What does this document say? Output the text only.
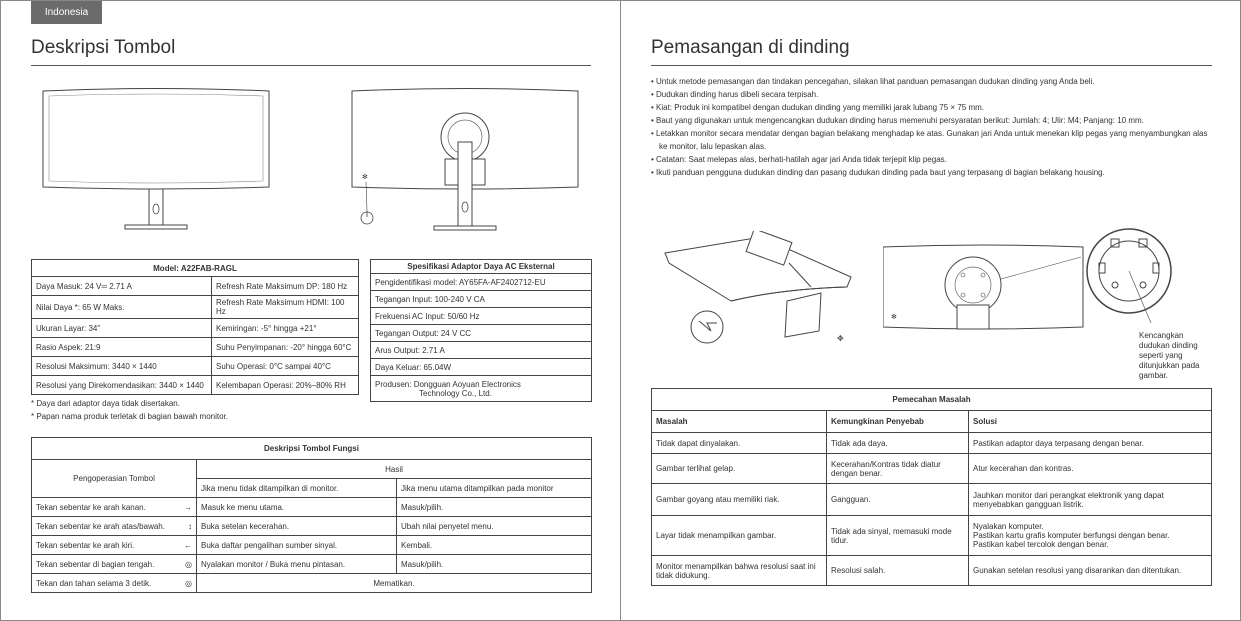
Indonesia
Deskripsi Tombol
✻
Model: A22FAB-RAGL	
Daya Masuk: 24 V═ 2.71 A	Refresh Rate Maksimum DP: 180 Hz
Nilai Daya *: 65 W Maks.	Refresh Rate Maksimum HDMI: 100 Hz
Ukuran Layar: 34"	Kemiringan: -5° hingga +21°
Rasio Aspek: 21:9	Suhu Penyimpanan: -20° hingga 60°C
Resolusi Maksimum: 3440 × 1440	Suhu Operasi: 0°C sampai 40°C
Resolusi yang Direkomendasikan: 3440 × 1440	Kelembapan Operasi: 20%–80% RH
Spesifikasi Adaptor Daya AC Eksternal
Pengidentifikasi model: AY65FA-AF2402712-EU
Tegangan Input: 100-240 V CA
Frekuensi AC Input: 50/60 Hz
Tegangan Output: 24 V CC
Arus Output: 2.71 A
Daya Keluar: 65.04W

Produsen: Dongguan Aoyuan Electronics
Technology Co., Ltd.
* Daya dari adaptor daya tidak disertakan.
* Papan nama produk terletak di bagian bawah monitor.
Deskripsi Tombol Fungsi		
Pengoperasian Tombol	Hasil	
	Jika menu tidak ditampilkan di monitor.	Jika menu utama ditampilkan pada monitor
Tekan sebentar ke arah kanan. →	Masuk ke menu utama.	Masuk/pilih.
Tekan sebentar ke arah atas/bawah. ↕	Buka setelan kecerahan.	Ubah nilai penyetel menu.
Tekan sebentar ke arah kiri. ←	Buka daftar pengalihan sumber sinyal.	Kembali.
Tekan sebentar di bagian tengah. ◎	Nyalakan monitor / Buka menu pintasan.	Masuk/pilih.
Tekan dan tahan selama 3 detik. ◎	Mematikan.	
Pemasangan di dinding
• Untuk metode pemasangan dan tindakan pencegahan, silakan lihat panduan pemasangan dudukan dinding yang Anda beli.
• Dudukan dinding harus dibeli secara terpisah.
• Kiat: Produk ini kompatibel dengan dudukan dinding yang memiliki jarak lubang 75 × 75 mm.
• Baut yang digunakan untuk mengencangkan dudukan dinding harus memenuhi persyaratan berikut: Jumlah: 4; Ulir: M4; Panjang: 10 mm.
• Letakkan monitor secara mendatar dengan bagian belakang menghadap ke atas. Gunakan jari Anda untuk menekan klip pegas yang menyambungkan alas ke monitor, lalu lepaskan alas.
• Catatan: Saat melepas alas, berhati-hatilah agar jari Anda tidak terjepit klip pegas.
• Ikuti panduan pengguna dudukan dinding dan pasang dudukan dinding pada baut yang terpasang di bagian belakang housing.
✥
✻
Kencangkan dudukan dinding seperti yang ditunjukkan pada gambar.
Pemecahan Masalah		
Masalah	Kemungkinan Penyebab	Solusi
Tidak dapat dinyalakan.	Tidak ada daya.	Pastikan adaptor daya terpasang dengan benar.
Gambar terlihat gelap.	Kecerahan/Kontras tidak diatur dengan benar.	Atur kecerahan dan kontras.
Gambar goyang atau memiliki riak.	Gangguan.	Jauhkan monitor dari perangkat elektronik yang dapat menyebabkan gangguan listrik.
Layar tidak menampilkan gambar.	Tidak ada sinyal, memasuki mode tidur.	Nyalakan komputer.
Pastikan kartu grafis komputer berfungsi dengan benar.
Pastikan kabel tercolok dengan benar.
Monitor menampilkan bahwa resolusi saat ini tidak didukung.	Resolusi salah.	Gunakan setelan resolusi yang disarankan dan ditentukan.
